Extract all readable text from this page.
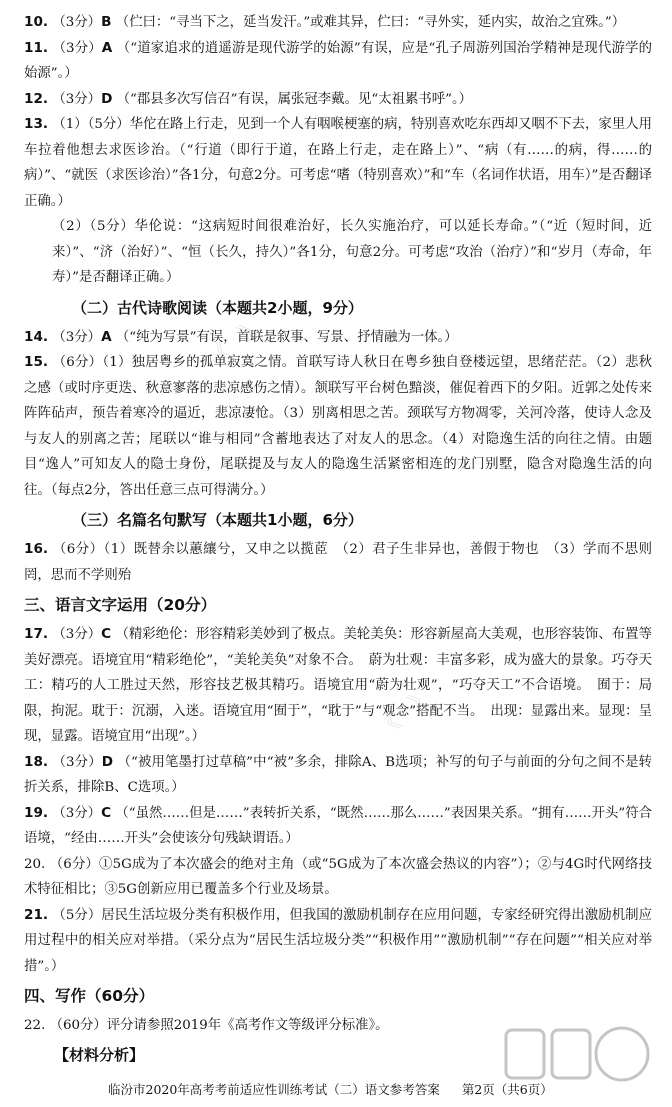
《 》
《 》

10. （3分）B （伫曰：“寻当下之，延当发汗。”或难其异，伫曰：“寻外实，延内实，故治之宜殊。”）

11. （3分）A （“道家追求的逍遥游是现代游学的始源”有误，应是“孔子周游列国治学精神是现代游学的始源”。）

12. （3分）D （“郡县多次写信召”有误，属张冠李戴。见“太祖累书呼”。）

13. （1）（5分）华佗在路上行走，见到一个人有咽喉梗塞的病，特别喜欢吃东西却又咽不下去，家里人用车拉着他想去求医诊治。（“行道（即行于道，在路上行走，走在路上）”、“病（有……的病，得……的病）”、“就医（求医诊治）”各1分，句意2分。可考虑“嗜（特别喜欢）”和“车（名词作状语，用车）”是否翻译正确。）

（2）（5分）华伦说：“这病短时间很难治好，长久实施治疗，可以延长寿命。”（“近（短时间，近来）”、“济（治好）”、“恒（长久，持久）”各1分，句意2分。可考虑“攻治（治疗）”和“岁月（寿命，年寿）”是否翻译正确。）

（二）古代诗歌阅读（本题共2小题，9分）

14. （3分）A （“纯为写景”有误，首联是叙事、写景、抒情融为一体。）

15. （6分）（1）独居粤乡的孤单寂寞之情。首联写诗人秋日在粤乡独自登楼远望，思绪茫茫。（2）悲秋之感（或时序更迭、秋意寥落的悲凉感伤之情）。颔联写平台树色黯淡，催促着西下的夕阳。近郭之处传来阵阵砧声，预告着寒冷的逼近，悲凉凄怆。（3）别离相思之苦。颈联写方物凋零，关河冷落，使诗人念及与友人的别离之苦；尾联以“谁与相同”含蓄地表达了对友人的思念。（4）对隐逸生活的向往之情。由题目“逸人”可知友人的隐士身份，尾联提及与友人的隐逸生活紧密相连的龙门别墅，隐含对隐逸生活的向往。（每点2分，答出任意三点可得满分。）

（三）名篇名句默写（本题共1小题，6分）

16. （6分）（1）既替余以蕙纕兮，又申之以揽茝　（2）君子生非异也，善假于物也　（3）学而不思则罔，思而不学则殆

三、语言文字运用（20分）

17. （3分）C （精彩绝伦：形容精彩美妙到了极点。美轮美奂：形容新屋高大美观，也形容装饰、布置等美好漂亮。语境宜用“精彩绝伦”，“美轮美奂”对象不合。　蔚为壮观：丰富多彩，成为盛大的景象。巧夺天工：精巧的人工胜过天然，形容技艺极其精巧。语境宜用“蔚为壮观”，“巧夺天工”不合语境。　囿于：局限，拘泥。耽于：沉溺，入迷。语境宜用“囿于”，“耽于”与“观念”搭配不当。　出现：显露出来。显现：呈现，显露。语境宜用“出现”。）

18. （3分）D （“被用笔墨打过草稿”中“被”多余，排除A、B选项；补写的句子与前面的分句之间不是转折关系，排除B、C选项。）

19. （3分）C （“虽然……但是……”表转折关系，“既然……那么……”表因果关系。“拥有……开头”符合语境，“经由……开头”会使该分句残缺谓语。）

20. （6分）①5G成为了本次盛会的绝对主角（或“5G成为了本次盛会热议的内容”）；②与4G时代网络技术特征相比；③5G创新应用已覆盖多个行业及场景。

21. （5分）居民生活垃圾分类有积极作用，但我国的激励机制存在应用问题，专家经研究得出激励机制应用过程中的相关应对举措。（采分点为“居民生活垃圾分类”“积极作用”“激励机制”“存在问题”“相关应对举措”。）

四、写作（60分）

22. （60分）评分请参照2019年《高考作文等级评分标准》。

【材料分析】

临汾市2020年高考考前适应性训练考试（二）语文参考答案 第2页（共6页）
